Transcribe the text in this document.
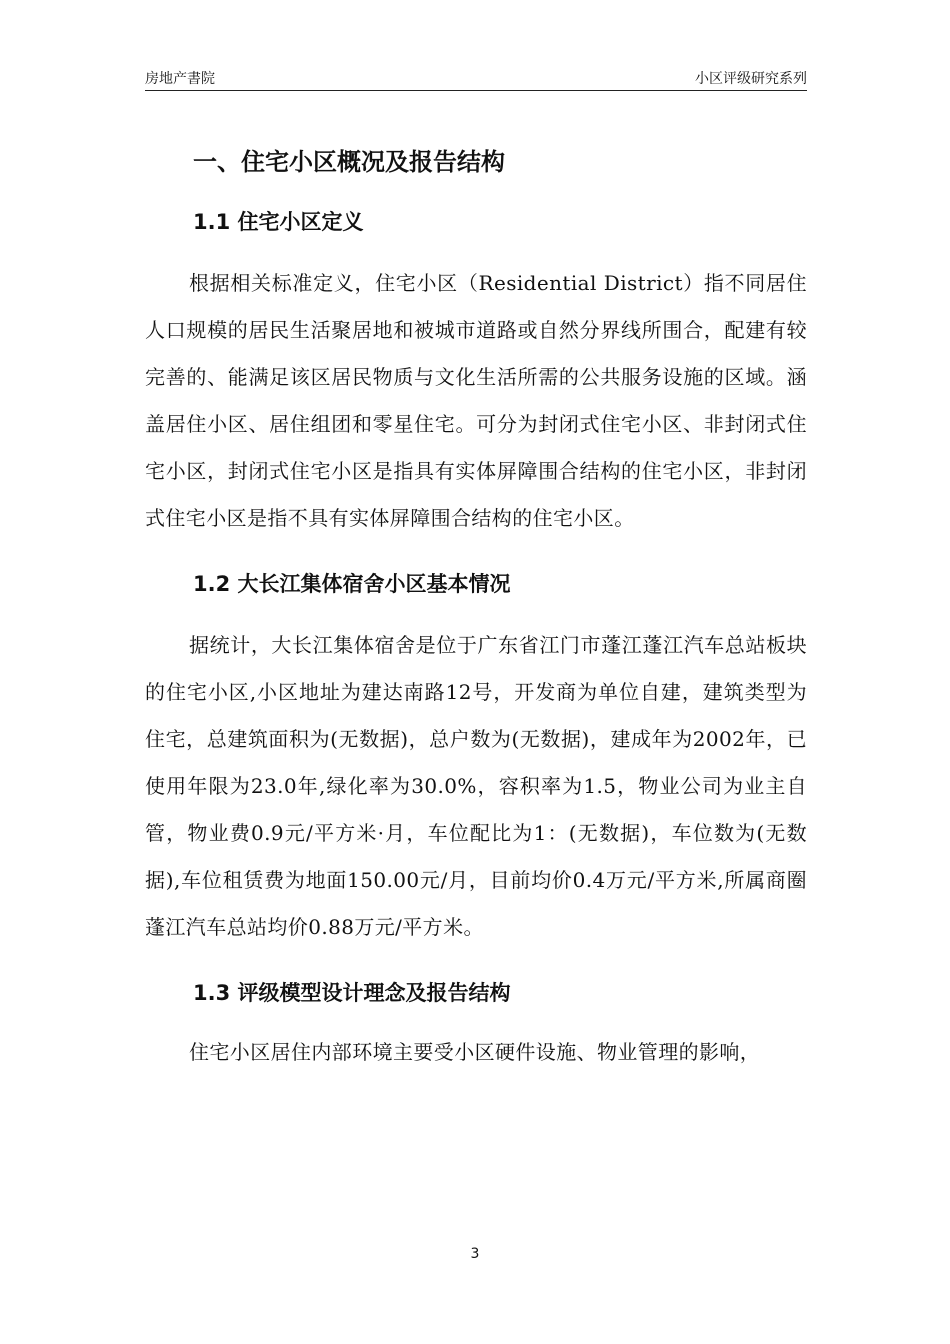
房地产書院	小区评级研究系列
一、住宅小区概况及报告结构
1.1 住宅小区定义

根据相关标准定义，住宅小区（Residential District）指不同居住人口规模的居民生活聚居地和被城市道路或自然分界线所围合，配建有较完善的、能满足该区居民物质与文化生活所需的公共服务设施的区域。涵盖居住小区、居住组团和零星住宅。可分为封闭式住宅小区、非封闭式住宅小区，封闭式住宅小区是指具有实体屏障围合结构的住宅小区，非封闭式住宅小区是指不具有实体屏障围合结构的住宅小区。

1.2 大长江集体宿舍小区基本情况

据统计，大长江集体宿舍是位于广东省江门市蓬江蓬江汽车总站板块的住宅小区,小区地址为建达南路12号，开发商为单位自建，建筑类型为住宅，总建筑面积为(无数据)，总户数为(无数据)，建成年为2002年，已使用年限为23.0年,绿化率为30.0%，容积率为1.5，物业公司为业主自管，物业费0.9元/平方米·月，车位配比为1：(无数据)，车位数为(无数据),车位租赁费为地面150.00元/月，目前均价0.4万元/平方米,所属商圈蓬江汽车总站均价0.88万元/平方米。

1.3 评级模型设计理念及报告结构

住宅小区居住内部环境主要受小区硬件设施、物业管理的影响，

3
